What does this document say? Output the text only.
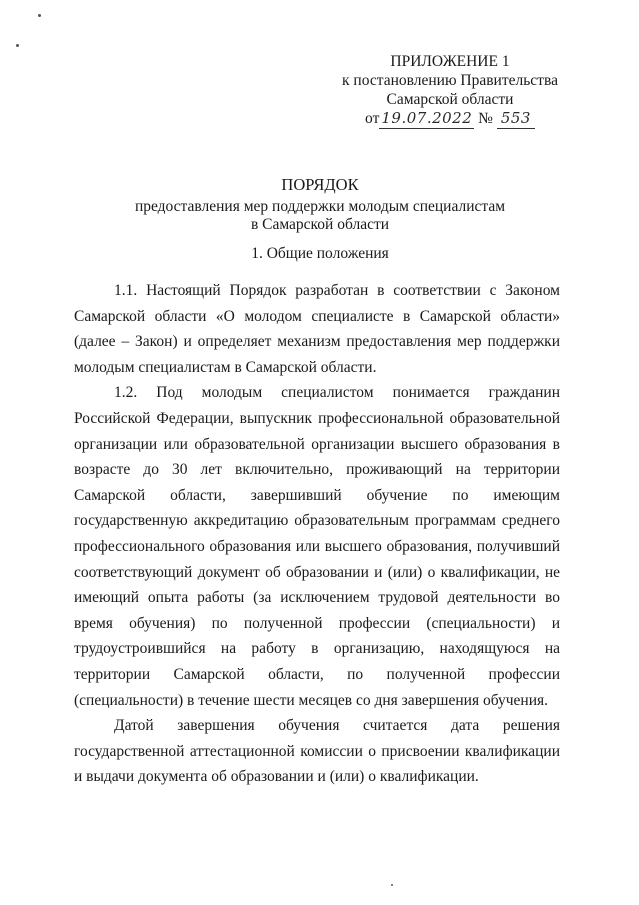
ПРИЛОЖЕНИЕ 1
к постановлению Правительства
Самарской области
от 19.07.2022 № 553
ПОРЯДОК
предоставления мер поддержки молодым специалистам
в Самарской области
1. Общие положения

1.1. Настоящий Порядок разработан в соответствии с Законом Самарской области «О молодом специалисте в Самарской области» (далее – Закон) и определяет механизм предоставления мер поддержки молодым специалистам в Самарской области.

1.2. Под молодым специалистом понимается гражданин Российской Федерации, выпускник профессиональной образовательной организации или образовательной организации высшего образования в возрасте до 30 лет включительно, проживающий на территории Самарской области, завершивший обучение по имеющим государственную аккредитацию образовательным программам среднего профессионального образования или высшего образования, получивший соответствующий документ об образовании и (или) о квалификации, не имеющий опыта работы (за исключением трудовой деятельности во время обучения) по полученной профессии (специальности) и трудоустроившийся на работу в организацию, находящуюся на территории Самарской области, по полученной профессии (специальности) в течение шести месяцев со дня завершения обучения.

Датой завершения обучения считается дата решения государственной аттестационной комиссии о присвоении квалификации и выдачи документа об образовании и (или) о квалификации.
